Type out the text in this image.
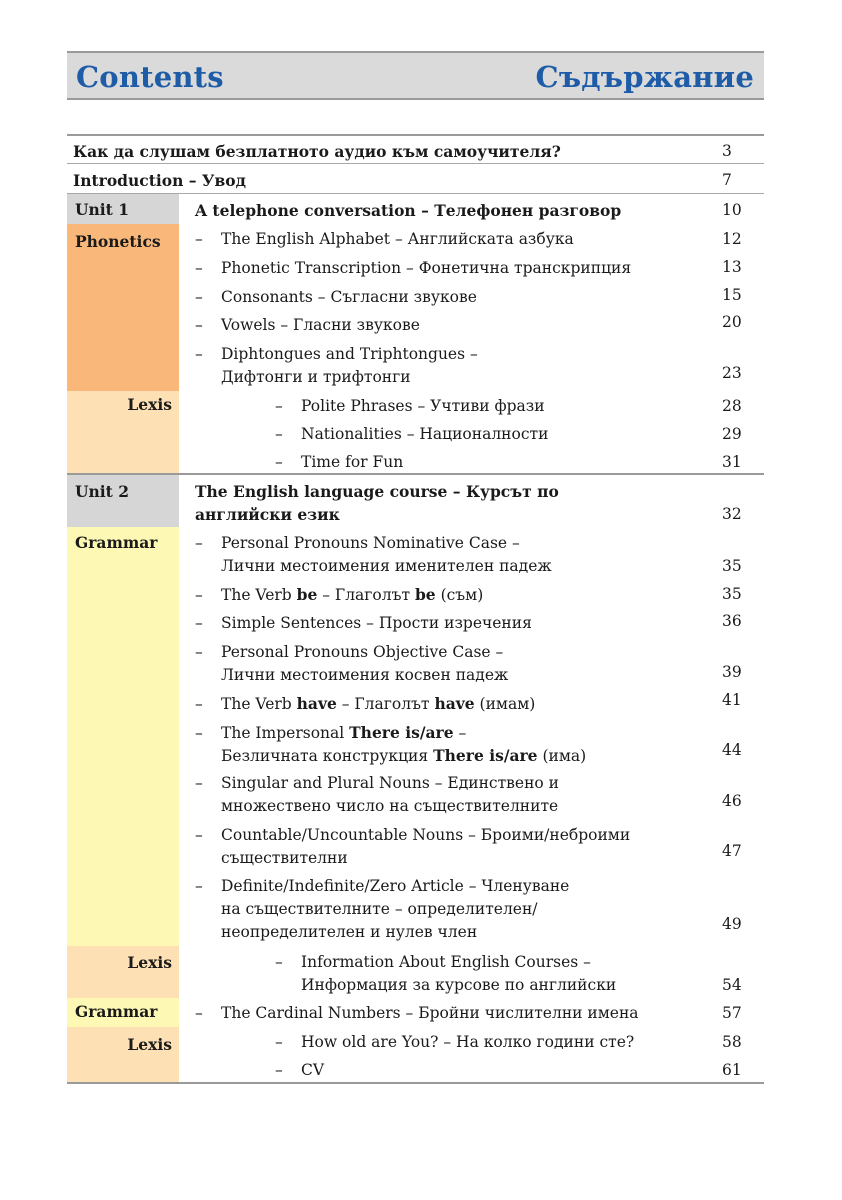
Contents	Съдържание
Как да слушам безплатното аудио към самоучителя?	3
Introduction – Увод	7
Unit 1	A telephone conversation – Телефонен разговор	10
Phonetics – The English Alphabet – Английската азбука	12
– Phonetic Transcription – Фонетична транскрипция	13
– Consonants – Съгласни звукове	15
– Vowels – Гласни звукове	20
– Diphtongues and Triphtongues –
Дифтонги и трифтонги	23
Lexis	– Polite Phrases – Учтиви фрази	28
– Nationalities – Националности	29
– Time for Fun	31
Unit 2	The English language course – Курсът по
английски език	32
Grammar – Personal Pronouns Nominative Case –
Лични местоимения именителен падеж	35
– The Verb be – Глаголът be (съм)	35
– Simple Sentences – Прости изречения	36
– Personal Pronouns Objective Case –
Лични местоимения косвен падеж	39
– The Verb have – Глаголът have (имам)	41
– The Impersonal There is/are –
Безличната конструкция There is/are (има)	44
– Singular and Plural Nouns – Единствено и
множествено число на съществителните	46
– Countable/Uncountable Nouns – Броими/неброими
съществителни	47
– Definite/Indefinite/Zero Article – Членуване
на съществителните – определителен/
неопределителен и нулев член	49
Lexis	– Information About English Courses –
Информация за курсове по английски	54
Grammar – The Cardinal Numbers – Бройни числителни имена	57
Lexis	– How old are You? – На колко години сте?	58
– CV	61
